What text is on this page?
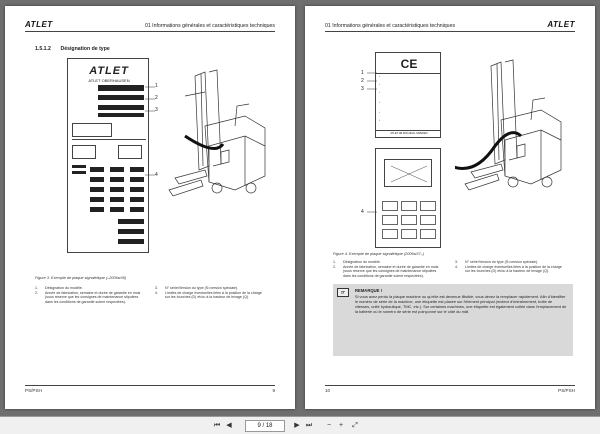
ATLET	01 Informations générales et caractéristiques techniques
1.5.1.2 Désignation de type
ATLET
ATLET OBERHAUSEN
1
2
3
4
Figure 3. Exemple de plaque signalétique (–2006w39)
1.	Désignation du modèle.
2.	Année de fabrication, semaine et durée de garantie en mois (sous réserve que les consignes de maintenance stipulées dans les conditions de garantie soient respectées).
3.	N° série/Version du type (S=version spéciale).
4.	Limites de charge éventuelles liées à la position de la charge sur les fourches (D) et/ou à la hauteur de levage (Q).
PS/PSH	9
01 Informations générales et caractéristiques techniques	ATLET
CE
▪
▪
▪
▪
▪
▪
ATLET AB MÖLNDAL SWEDEN
1
2
3
4
Figure 4. Exemple de plaque signalétique (2006w37–)
1.	Désignation du modèle.
2.	Année de fabrication, semaine et durée de garantie en mois (sous réserve que les consignes de maintenance stipulées dans les conditions de garantie soient respectées).
3.	N° série/Version du type (S=version spéciale).
4.	Limites de charge éventuelles liées à la position de la charge sur les fourches (D) et/ou à la hauteur de levage (Q).
☞	REMARQUE !
Si vous avez perdu la plaque machine ou qu'elle est devenue illisible, vous devez la remplacer rapidement. Afin d'identifier le numéro de série de la machine, une étiquette est placée sur l'élément principal (moteur d'entraînement, boîte de vitesses, unité hydraulique, TMC, etc.). Sur certaines machines, une étiquette est également collée dans l'emplacement de la batterie où le numéro de série est poinçonné sur le côté du mât.
10	PS/PSH
⏮ ◀	9 / 18	▶ ⏭	−	+	⤢
